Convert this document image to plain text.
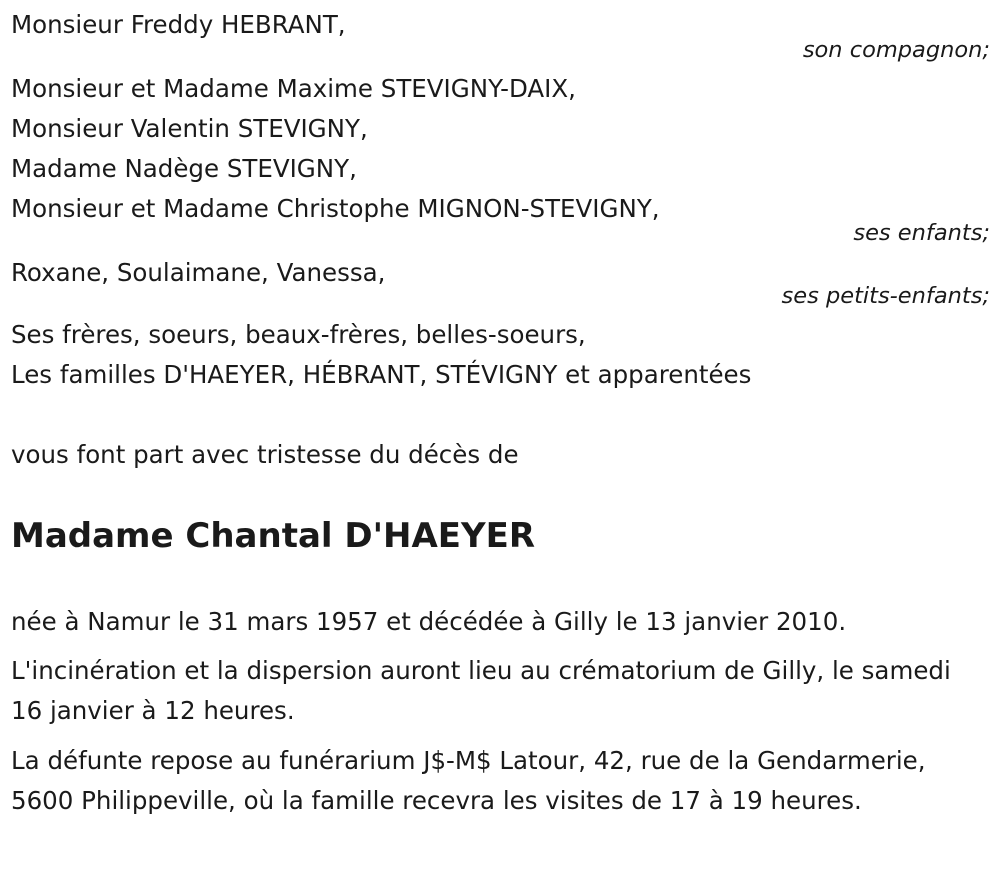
Monsieur Freddy HEBRANT,
son compagnon;
Monsieur et Madame Maxime STEVIGNY-DAIX,
Monsieur Valentin STEVIGNY,
Madame Nadège STEVIGNY,
Monsieur et Madame Christophe MIGNON-STEVIGNY,
ses enfants;
Roxane, Soulaimane, Vanessa,
ses petits-enfants;
Ses frères, soeurs, beaux-frères, belles-soeurs,
Les familles D'HAEYER, HÉBRANT, STÉVIGNY et apparentées
vous font part avec tristesse du décès de
Madame Chantal D'HAEYER
née à Namur le 31 mars 1957 et décédée à Gilly le 13 janvier 2010.
L'incinération et la dispersion auront lieu au crématorium de Gilly, le samedi 16 janvier à 12 heures.
La défunte repose au funérarium J$-M$ Latour, 42, rue de la Gendarmerie, 5600 Philippeville, où la famille recevra les visites de 17 à 19 heures.
